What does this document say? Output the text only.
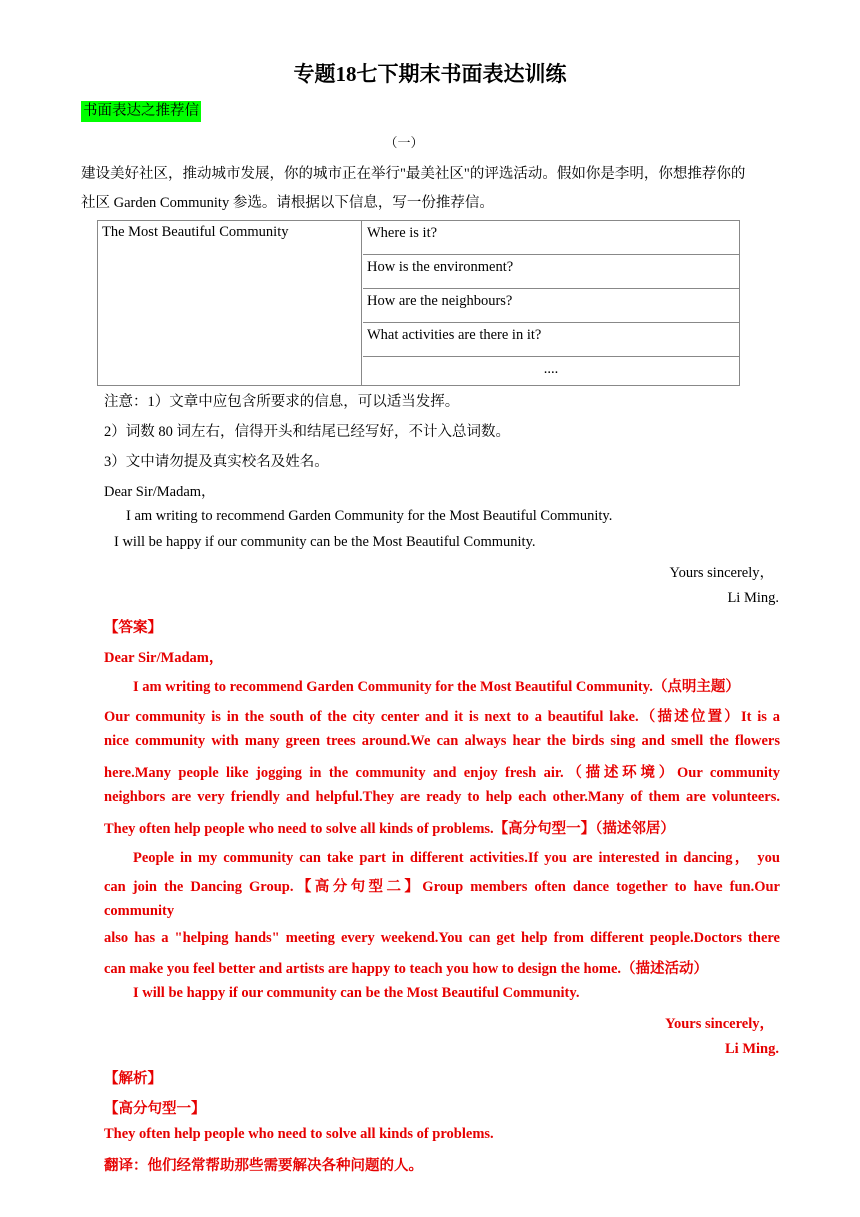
专题18七下期末书面表达训练
书面表达之推荐信
（一）
建设美好社区，推动城市发展，你的城市正在举行"最美社区"的评选活动。假如你是李明，你想推荐你的
社区 Garden Community 参选。请根据以下信息，写一份推荐信。
The Most Beautiful Community	Where is it?
How is the environment?
How are the neighbours?
What activities are there in it?
....
注意：1）文章中应包含所要求的信息，可以适当发挥。
2）词数 80 词左右，信得开头和结尾已经写好，不计入总词数。
3）文中请勿提及真实校名及姓名。
Dear Sir/Madam，
I am writing to recommend Garden Community for the Most Beautiful Community.
I will be happy if our community can be the Most Beautiful Community.
Yours sincerely，
Li Ming.
【答案】
Dear Sir/Madam，
I am writing to recommend Garden Community for the Most Beautiful Community.（点明主题）
Our community is in the south of the city center and it is next to a beautiful lake.（描述位置）It is a
nice community with many green trees around.We can always hear the birds sing and smell the flowers
here.Many people like jogging in the community and enjoy fresh air.（描述环境）Our community
neighbors are very friendly and helpful.They are ready to help each other.Many of them are volunteers.
They often help people who need to solve all kinds of problems.【高分句型一】（描述邻居）
People in my community can take part in different activities.If you are interested in dancing， you
can join the Dancing Group.【高分句型二】Group members often dance together to have fun.Our
community
also has a "helping hands" meeting every weekend.You can get help from different people.Doctors there
can make you feel better and artists are happy to teach you how to design the home.（描述活动）
I will be happy if our community can be the Most Beautiful Community.
Yours sincerely，
Li Ming.
【解析】
【高分句型一】
They often help people who need to solve all kinds of problems.
翻译：他们经常帮助那些需要解决各种问题的人。
